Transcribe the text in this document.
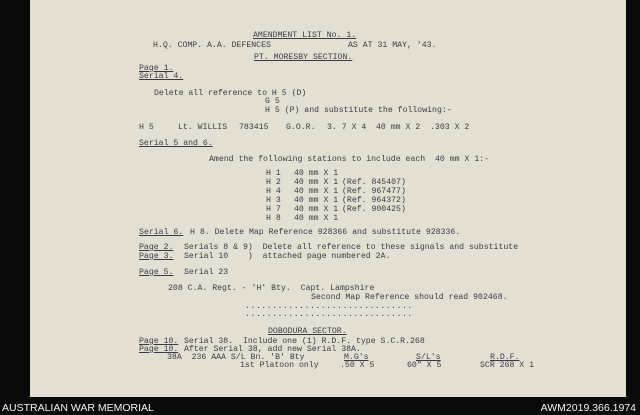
AMENDMENT LIST No. 1.
H.Q. COMP. A.A. DEFENCES	AS AT 31 MAY, '43.
PT. MORESBY SECTION.
Page 1.
Serial 4.
Delete all reference to H 5 (D)
G 5
H 5 (P) and substitute the following:-
H 5	Lt. WILLIS 783415 G.O.R. 3. 7 X 4 40 mm X 2 .303 X 2
Serial 5 and 6.
Amend the following stations to include each  40 mm X 1:-
H 1 40 mm X 1
H 2 40 mm X 1 (Ref. 845407)
H 4 40 mm X 1 (Ref. 967477)
H 3 40 mm X 1 (Ref. 964372)
H 7 40 mm X 1 (Ref. 900425)
H 8 40 mm X 1
Serial 6. H 8. Delete Map Reference 928366 and substitute 928336.
Page 2. Serials 8 & 9)  Delete all reference to these signals and substitute
Page 3. Serial 10    )  attached page numbered 2A.
Page 5. Serial 23
208 C.A. Regt. - 'H' Bty.  Capt. Lampshire
Second Map Reference should read 902468.
...............................
...............................
DOBODURA SECTOR.
Page 10. Serial 38.  Include one (1) R.D.F. type S.C.R.268
Page 10. After Serial 38, add new Serial 38A.
38A  236 AAA S/L Bn. 'B' Bty
1st Platoon only
M.G's	S/L's	R.D.F.
.50 X 5	60" X 5	SCR 268 X 1
AUSTRALIAN WAR MEMORIAL	AWM2019.366.1974
